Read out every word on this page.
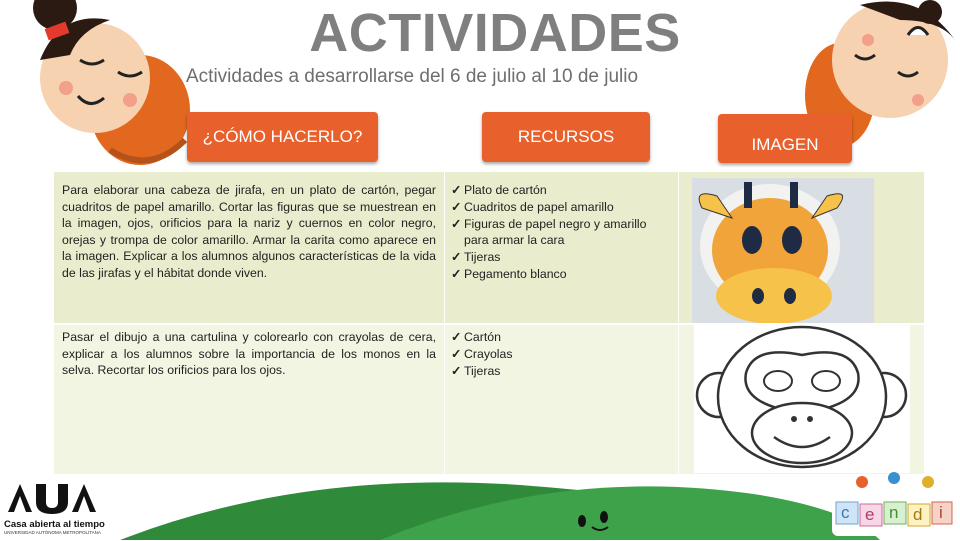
ACTIVIDADES
Actividades a desarrollarse del 6 de julio al 10 de julio
¿CÓMO HACERLO?	RECURSOS	IMAGEN
Para elaborar una cabeza de jirafa, en un plato de cartón, pegar cuadritos de papel amarillo. Cortar las figuras que se muestrean en la imagen, ojos, orificios para la nariz y cuernos en color negro, orejas y trompa de color amarillo. Armar la carita como aparece en la imagen. Explicar a los alumnos algunos características de la vida de las jirafas y el hábitat donde viven.
✓ Plato de cartón
✓ Cuadritos de papel amarillo
✓ Figuras de papel negro y amarillo para armar la cara
✓ Tijeras
✓ Pegamento blanco
Pasar el dibujo a una cartulina y colorearlo con crayolas de cera, explicar a los alumnos sobre la importancia de los monos en la selva. Recortar los orificios para los ojos.
✓ Cartón
✓ Crayolas
✓ Tijeras
Casa abierta al tiempo
UNIVERSIDAD AUTÓNOMA METROPOLITANA
c e n d i
